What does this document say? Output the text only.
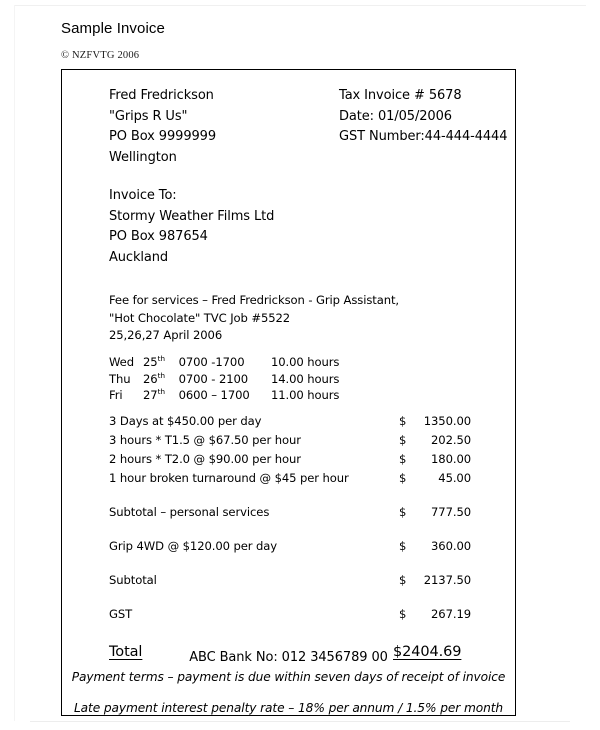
Sample Invoice
© NZFVTG 2006
Fred Fredrickson
"Grips R Us"
PO Box 9999999
Wellington
Tax Invoice # 5678
Date: 01/05/2006
GST Number:44-444-4444
Invoice To:
Stormy Weather Films Ltd
PO Box 987654
Auckland
Fee for services – Fred Fredrickson - Grip Assistant,
"Hot Chocolate" TVC Job #5522
25,26,27 April 2006
Wed	25th	0700 -1700	10.00 hours
Thu	26th	0700 - 2100	14.00 hours
Fri	27th	0600 – 1700	11.00 hours
3 Days at $450.00 per day	$ 1350.00
3 hours * T1.5 @ $67.50 per hour	$ 202.50
2 hours * T2.0 @ $90.00 per hour	$ 180.00
1 hour broken turnaround @ $45 per hour	$ 45.00

Subtotal – personal services	$ 777.50

Grip 4WD @ $120.00 per day	$ 360.00

Subtotal	$ 2137.50

GST	$ 267.19

Total	$2404.69
ABC Bank No: 012 3456789 00
Payment terms – payment is due within seven days of receipt of invoice
Late payment interest penalty rate – 18% per annum / 1.5% per month
